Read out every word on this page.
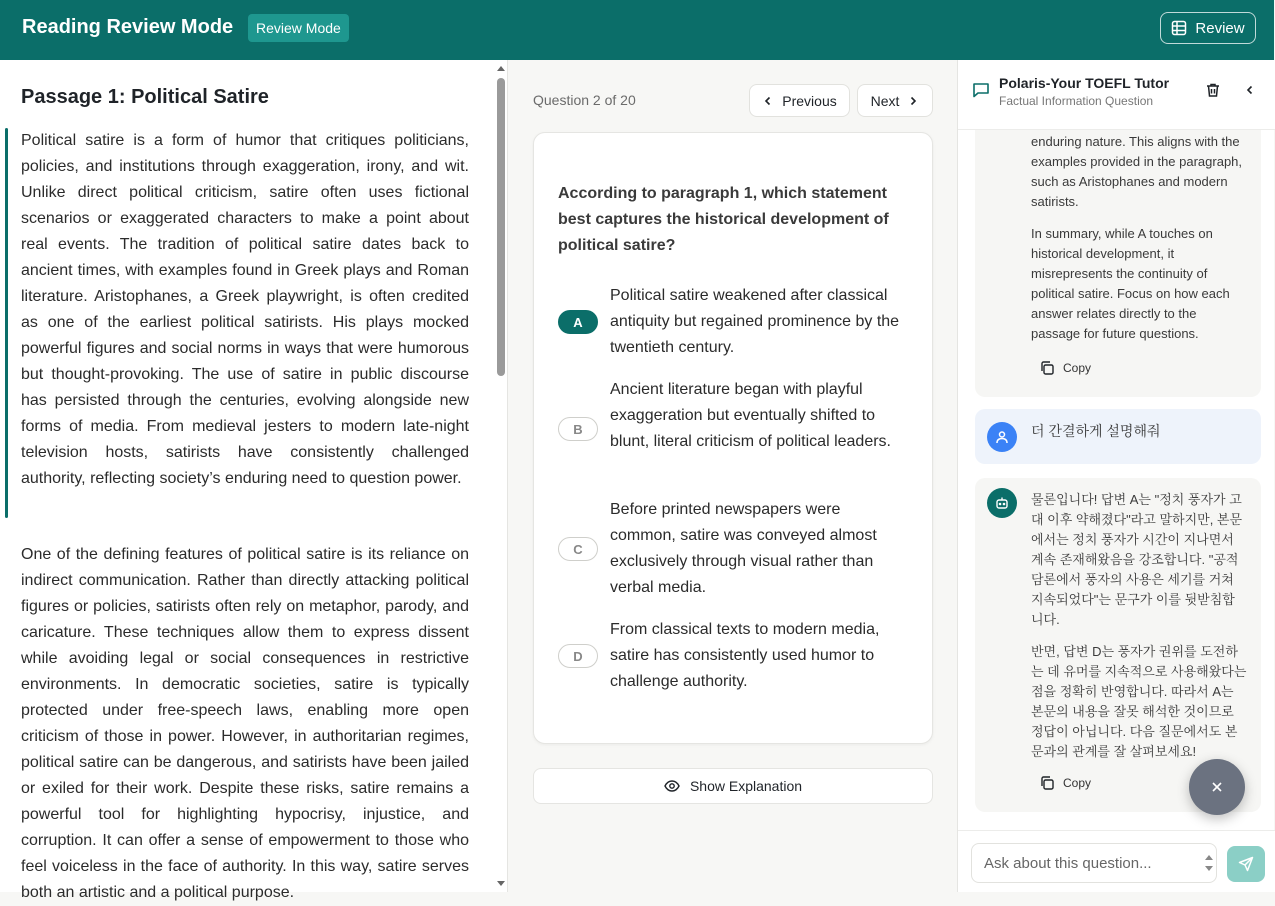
Reading Review Mode	Review Mode	Review
Passage 1: Political Satire

Political satire is a form of humor that critiques politicians, policies, and institutions through exaggeration, irony, and wit. Unlike direct political criticism, satire often uses fictional scenarios or exaggerated characters to make a point about real events. The tradition of political satire dates back to ancient times, with examples found in Greek plays and Roman literature. Aristophanes, a Greek playwright, is often credited as one of the earliest political satirists. His plays mocked powerful figures and social norms in ways that were humorous but thought-provoking. The use of satire in public discourse has persisted through the centuries, evolving alongside new forms of media. From medieval jesters to modern late-night television hosts, satirists have consistently challenged authority, reflecting society’s enduring need to question power.

One of the defining features of political satire is its reliance on indirect communication. Rather than directly attacking political figures or policies, satirists often rely on metaphor, parody, and caricature. These techniques allow them to express dissent while avoiding legal or social consequences in restrictive environments. In democratic societies, satire is typically protected under free-speech laws, enabling more open criticism of those in power. However, in authoritarian regimes, political satire can be dangerous, and satirists have been jailed or exiled for their work. Despite these risks, satire remains a powerful tool for highlighting hypocrisy, injustice, and corruption. It can offer a sense of empowerment to those who feel voiceless in the face of authority. In this way, satire serves both an artistic and a political purpose.

Question 2 of 20	Previous Next
According to paragraph 1, which statement best captures the historical development of political satire?
A
Political satire weakened after classical antiquity but regained prominence by the twentieth century.
B
Ancient literature began with playful exaggeration but eventually shifted to blunt, literal criticism of political leaders.
C
Before printed newspapers were common, satire was conveyed almost exclusively through visual rather than verbal media.
D
From classical texts to modern media, satire has consistently used humor to challenge authority.
Show Explanation
Polaris-Your TOEFL Tutor
Factual Information Question

enduring nature. This aligns with the examples provided in the paragraph, such as Aristophanes and modern satirists.

In summary, while A touches on historical development, it misrepresents the continuity of political satire. Focus on how each answer relates directly to the passage for future questions.

Copy

더 간결하게 설명해줘

물론입니다! 답변 A는 "정치 풍자가 고대 이후 약해졌다"라고 말하지만, 본문에서는 정치 풍자가 시간이 지나면서 계속 존재해왔음을 강조합니다. "공적 담론에서 풍자의 사용은 세기를 거쳐 지속되었다"는 문구가 이를 뒷받침합니다.

반면, 답변 D는 풍자가 권위를 도전하는 데 유머를 지속적으로 사용해왔다는 점을 정확히 반영합니다. 따라서 A는 본문의 내용을 잘못 해석한 것이므로 정답이 아닙니다. 다음 질문에서도 본문과의 관계를 잘 살펴보세요!

Copy
Ask about this question...
